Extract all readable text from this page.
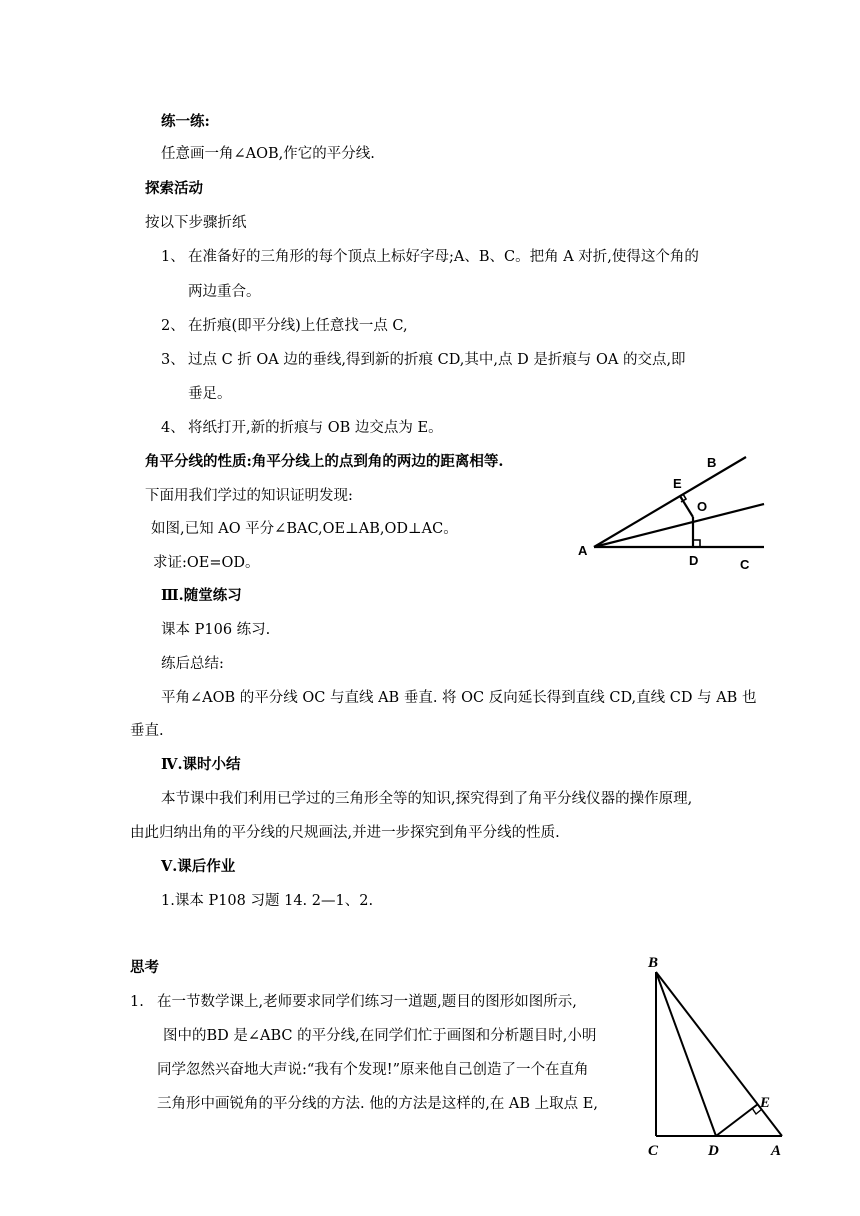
练一练:
任意画一角∠AOB,作它的平分线.
探索活动
按以下步骤折纸
1、 在准备好的三角形的每个顶点上标好字母;A、B、C。把角 A 对折,使得这个角的
两边重合。
2、 在折痕(即平分线)上任意找一点 C,
3、 过点 C 折 OA 边的垂线,得到新的折痕 CD,其中,点 D 是折痕与 OA 的交点,即
垂足。
4、 将纸打开,新的折痕与 OB 边交点为 E。
角平分线的性质:角平分线上的点到角的两边的距离相等.
下面用我们学过的知识证明发现:
如图,已知 AO 平分∠BAC,OE⊥AB,OD⊥AC。
求证:OE=OD。
A
B
C
D
E
O
Ⅲ.随堂练习
课本 P106 练习.
练后总结:
平角∠AOB 的平分线 OC 与直线 AB 垂直. 将 OC 反向延长得到直线 CD,直线 CD 与 AB 也
垂直.
Ⅳ.课时小结
本节课中我们利用已学过的三角形全等的知识,探究得到了角平分线仪器的操作原理,
由此归纳出角的平分线的尺规画法,并进一步探究到角平分线的性质.
Ⅴ.课后作业
1.课本 P108 习题 14. 2—1、2.
思考
1. 在一节数学课上,老师要求同学们练习一道题,题目的图形如图所示,
图中的BD 是∠ABC 的平分线,在同学们忙于画图和分析题目时,小明
同学忽然兴奋地大声说:“我有个发现!”原来他自己创造了一个在直角
三角形中画锐角的平分线的方法. 他的方法是这样的,在 AB 上取点 E,
B
C	D	A
E
